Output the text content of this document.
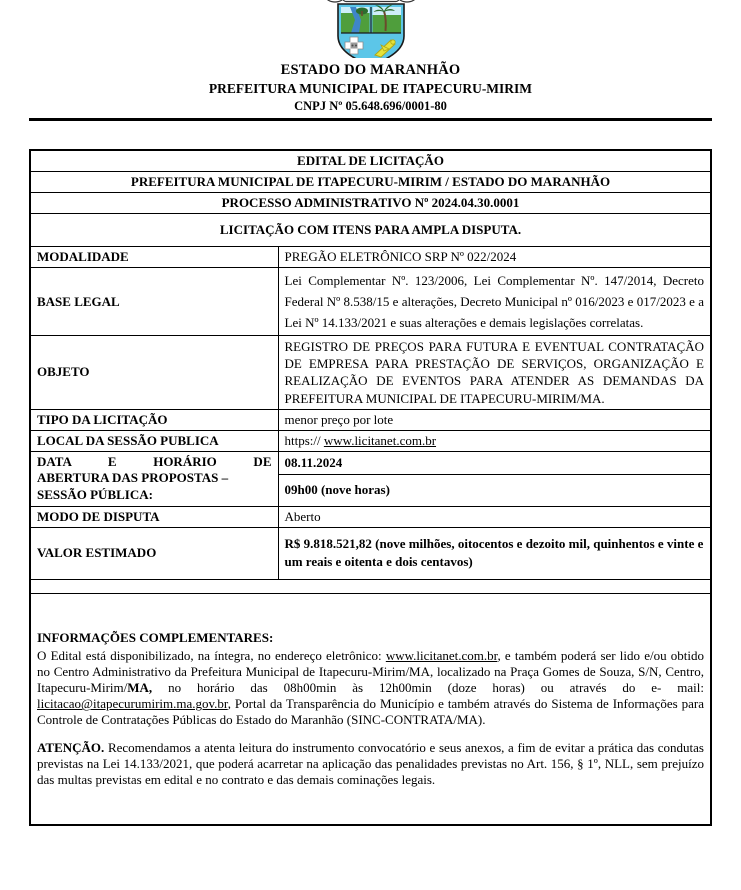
ESTADO DO MARANHÃO
PREFEITURA MUNICIPAL DE ITAPECURU-MIRIM
CNPJ Nº 05.648.696/0001-80
EDITAL DE LICITAÇÃO	
PREFEITURA MUNICIPAL DE ITAPECURU-MIRIM / ESTADO DO MARANHÃO	
PROCESSO ADMINISTRATIVO Nº 2024.04.30.0001	
LICITAÇÃO COM ITENS PARA AMPLA DISPUTA.	
MODALIDADE	PREGÃO ELETRÔNICO SRP Nº 022/2024
BASE LEGAL	Lei Complementar Nº. 123/2006, Lei Complementar Nº. 147/2014, Decreto Federal Nº 8.538/15 e alterações, Decreto Municipal nº 016/2023 e 017/2023 e a Lei Nº 14.133/2021 e suas alterações e demais legislações correlatas.
OBJETO	REGISTRO DE PREÇOS PARA FUTURA E EVENTUAL CONTRATAÇÃO DE EMPRESA PARA PRESTAÇÃO DE SERVIÇOS, ORGANIZAÇÃO E REALIZAÇÃO DE EVENTOS PARA ATENDER AS DEMANDAS DA PREFEITURA MUNICIPAL DE ITAPECURU-MIRIM/MA.
TIPO DA LICITAÇÃO	menor preço por lote
LOCAL DA SESSÃO PUBLICA	https:// www.licitanet.com.br

DATA E HORÁRIO DE
ABERTURA DAS PROPOSTAS –
SESSÃO PÚBLICA:	08.11.2024
	09h00 (nove horas)
MODO DE DISPUTA	Aberto
VALOR ESTIMADO	R$ 9.818.521,82 (nove milhões, oitocentos e dezoito mil, quinhentos e vinte e um reais e oitenta e dois centavos)

INFORMAÇÕES COMPLEMENTARES:

O Edital está disponibilizado, na íntegra, no endereço eletrônico: www.licitanet.com.br, e também poderá ser lido e/ou obtido no Centro Administrativo da Prefeitura Municipal de Itapecuru-Mirim/MA, localizado na Praça Gomes de Souza, S/N, Centro, Itapecuru-Mirim/MA, no horário das 08h00min às 12h00min (doze horas) ou através do e- mail: licitacao@itapecurumirim.ma.gov.br, Portal da Transparência do Município e também através do Sistema de Informações para Controle de Contratações Públicas do Estado do Maranhão (SINC-CONTRATA/MA).

ATENÇÃO. Recomendamos a atenta leitura do instrumento convocatório e seus anexos, a fim de evitar a prática das condutas previstas na Lei 14.133/2021, que poderá acarretar na aplicação das penalidades previstas no Art. 156, § 1º, NLL, sem prejuízo das multas previstas em edital e no contrato e das demais cominações legais.	
